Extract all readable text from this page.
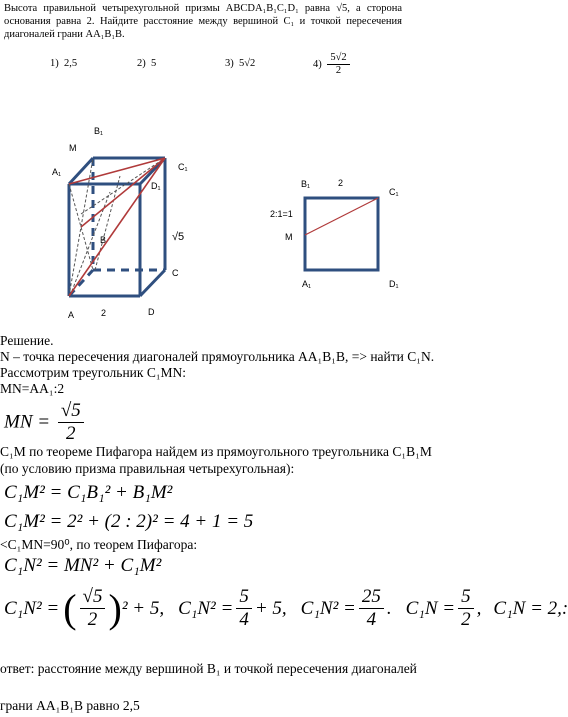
Высота правильной четырехугольной призмы ABCDA₁B₁C₁D₁ равна √5, а сторона основания равна 2. Найдите расстояние между вершиной C₁ и точкой пересечения диагоналей грани AA₁B₁B.
1) 2,5	2) 5	3) 5√2	$4) \frac{5√2}{2}$
B₁
M
A₁	C₁
D₁
B
C
A	2	D
√5
B₁	2
C₁
2:1=1
M
A₁	D₁
Решение.
N – точка пересечения диагоналей прямоугольника AA₁B₁B, => найти C₁N.
Рассмотрим треугольник C₁MN:
MN=AA₁:2
MN = $\frac{√5}{2}$
C₁M по теореме Пифагора найдем из прямоугольного треугольника C₁B₁M
(по условию призма правильная четырехугольная):
C₁M² = C₁B₁² + B₁M²
C₁M² = 2² + (2 : 2)² = 4 + 1 = 5
<C₁MN=90⁰, по теорем Пифагора:
C₁N² = MN² + C₁M²
C₁N² = ( $\frac{√5}{2}$ ) ² + 5, $C_1N^2 = \frac{5}{4} + 5$, $C_1N^2 = \frac{25}{4}$ . $C_1N = \frac{5}{2}$ , C₁N = 2,:
ответ: расстояние между вершиной B₁ и точкой пересечения диагоналей
грани AA₁B₁B равно 2,5
